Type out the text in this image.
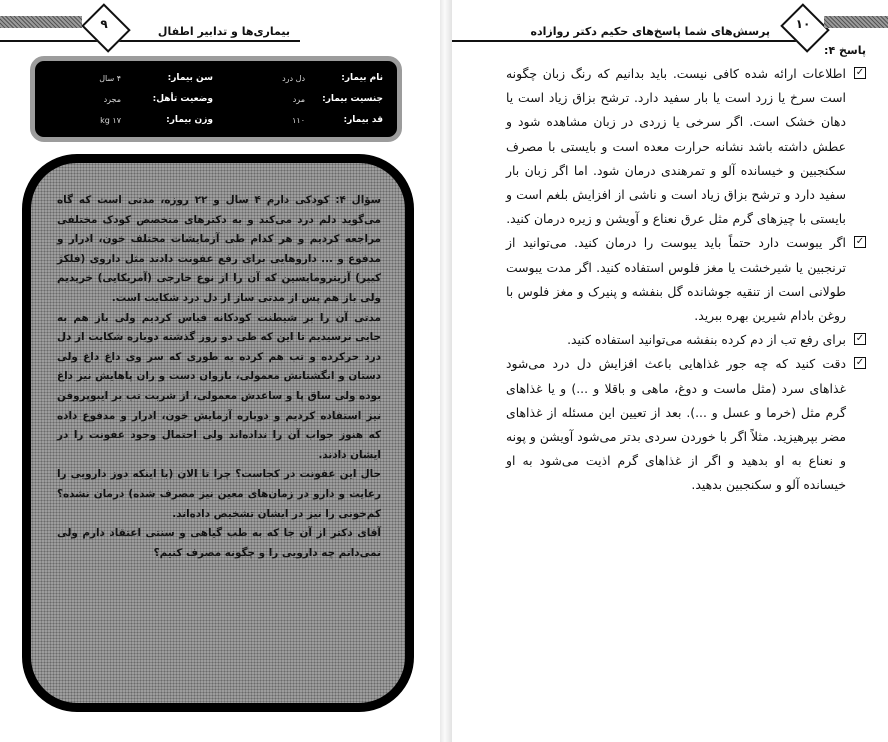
۹
بیماری‌ها و تدابیر اطفال
نام بیمار:
دل درد
سن بیمار:
۴ سال
جنسیت بیمار:
مرد
وضعیت تأهل:
مجرد
قد بیمار:
۱۱۰
وزن بیمار:
۱۷ kg

سؤال ۴: کودکی دارم ۴ سال و ۲۲ روزه، مدتی است که گاه می‌گوید دلم درد می‌کند و به دکترهای متخصص کودک مختلفی مراجعه کردیم و هر کدام طی آزمایشات مختلف خون، ادرار و مدفوع و ... داروهایی برای رفع عفونت دادند مثل داروی (فلکژ کبیر) آزیترومایسین که آن را از نوع خارجی (آمریکایی) خریدیم ولی باز هم پس از مدتی ساز از دل درد شکایت است.

مدتی آن را بر شیطنت کودکانه قیاس کردیم ولی باز هم به جایی نرسیدیم تا این که طی دو روز گذشته دوباره شکایت از دل درد حرکرده و تب هم کرده به طوری که سر وی داغ داغ ولی دستان و انگشتانش معمولی، بازوان دست و ران پاهایش نیز داغ بوده ولی ساق پا و ساعدش معمولی، از شربت تب بر ایبوپروفن نیز استفاده کردیم و دوباره آزمایش خون، ادرار و مدفوع داده که هنوز جواب آن را نداده‌اند ولی احتمال وجود عفونت را در ایشان دادند.

حال این عفونت در کجاست؟ چرا تا الان (با اینکه دوز دارویی را رعایت و دارو در زمان‌های معین نیز مصرف شده) درمان نشده؟ کم‌خونی را نیز در ایشان تشخیص داده‌اند.

آقای دکتر از آن جا که به طب گیاهی و سنتی اعتقاد دارم ولی نمی‌دانم چه دارویی را و چگونه مصرف کنیم؟

پرسش‌های شما پاسخ‌های حکیم دکتر روازاده
۱۰
پاسخ ۴:
✓
اطلاعات ارائه شده کافی نیست. باید بدانیم که رنگ زبان چگونه است سرخ یا زرد است یا بار سفید دارد. ترشح بزاق زیاد است یا دهان خشک است. اگر سرخی یا زردی در زبان مشاهده شود و عطش داشته باشد نشانه حرارت معده است و بایستی با مصرف سکنجبین و خیسانده آلو و تمرهندی درمان شود. اما اگر زبان بار سفید دارد و ترشح بزاق زیاد است و ناشی از افزایش بلغم است و بایستی با چیزهای گرم مثل عرق نعناع و آویشن و زیره درمان کنید.
✓
اگر یبوست دارد حتماً باید یبوست را درمان کنید. می‌توانید از ترنجبین یا شیرخشت یا مغز فلوس استفاده کنید. اگر مدت یبوست طولانی است از تنقیه جوشانده گل بنفشه و پنیرک و مغز فلوس با روغن بادام شیرین بهره ببرید.
✓
برای رفع تب از دم کرده بنفشه می‌توانید استفاده کنید.
✓
دقت کنید که چه جور غذاهایی باعث افزایش دل درد می‌شود غذاهای سرد (مثل ماست و دوغ، ماهی و باقلا و ...) و یا غذاهای گرم مثل (خرما و عسل و ...). بعد از تعیین این مسئله از غذاهای مضر بپرهیزید. مثلاً اگر با خوردن سردی بدتر می‌شود آویشن و پونه و نعناع به او بدهید و اگر از غذاهای گرم اذیت می‌شود به او خیسانده آلو و سکنجبین بدهید.
